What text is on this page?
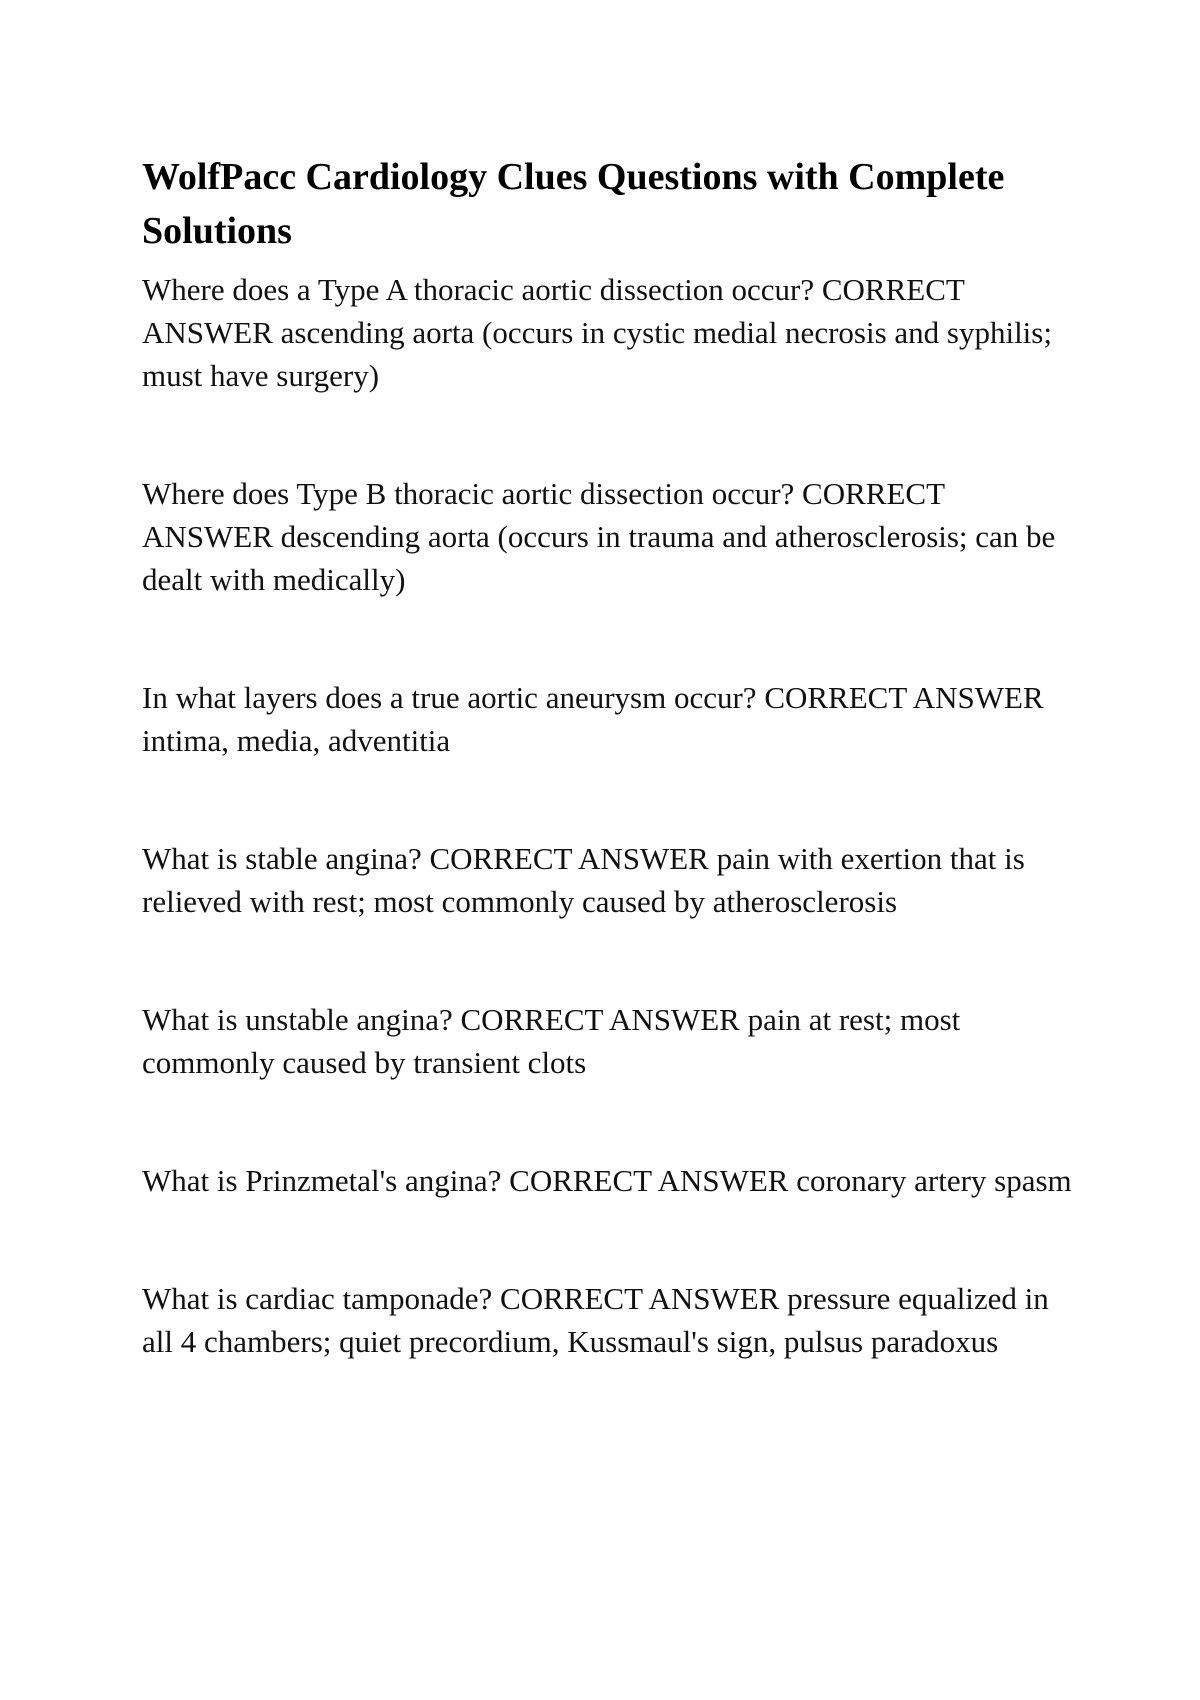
WolfPacc Cardiology Clues Questions with Complete Solutions

Where does a Type A thoracic aortic dissection occur? CORRECT ANSWER ascending aorta (occurs in cystic medial necrosis and syphilis; must have surgery)

Where does Type B thoracic aortic dissection occur? CORRECT ANSWER descending aorta (occurs in trauma and atherosclerosis; can be dealt with medically)

In what layers does a true aortic aneurysm occur? CORRECT ANSWER intima, media, adventitia

What is stable angina? CORRECT ANSWER pain with exertion that is relieved with rest; most commonly caused by atherosclerosis

What is unstable angina? CORRECT ANSWER pain at rest; most commonly caused by transient clots

What is Prinzmetal's angina? CORRECT ANSWER coronary artery spasm

What is cardiac tamponade? CORRECT ANSWER pressure equalized in all 4 chambers; quiet precordium, Kussmaul's sign, pulsus paradoxus
